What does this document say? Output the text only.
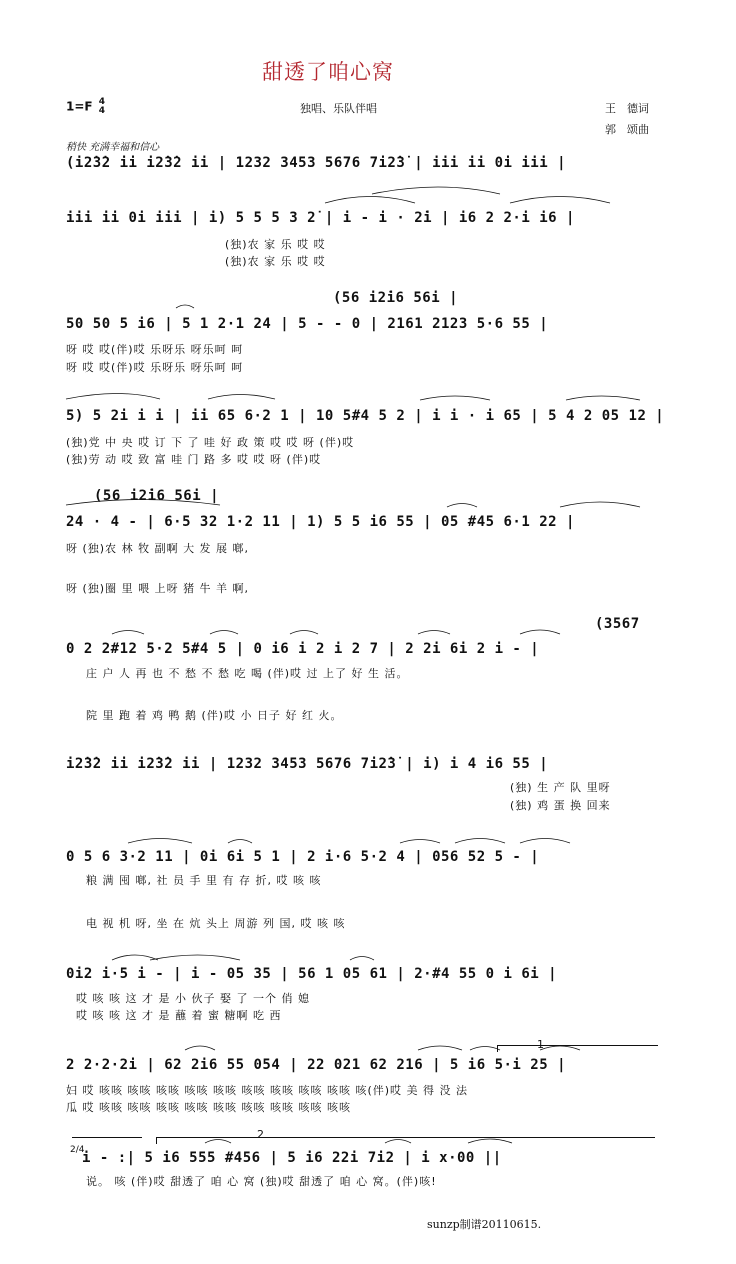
甜透了咱心窝
1=F 4
4	独唱、乐队伴唱	王　德词
郭　颂曲
稍快 充满幸福和信心
(i2̇3̇2 ii i2̇3̇2 ii | 1232 3453 5676 7i2̇3̇ | iii ii 0i iii |
iii ii 0i iii | i) 5 5 5 3 2̇ | i - i · 2̇i | i6 2 2·i i6 |
(独)农 家 乐 哎 哎
(独)农 家 乐 哎 哎
(56 i2̇i6 56i |
50 50 5 i6 | 5 1 2·1 24 | 5 - - 0 | 2161 2123 5·6 55 |
呀 哎 哎(伴)哎 乐呀乐 呀乐呵 呵
呀 哎 哎(伴)哎 乐呀乐 呀乐呵 呵
5) 5 2i i i | ii 65 6·2 1 | 10 5#4 5 2 | i i · i 65 | 5 4 2 05 12 |
(独)党 中 央 哎 订 下 了 哇 好 政 策 哎 哎 呀 (伴)哎
(独)劳 动 哎 致 富 哇 门 路 多 哎 哎 呀 (伴)哎
(56 i2̇i6 56i |
24 · 4 - | 6·5 32 1·2 11 | 1) 5 5 i6 55 | 05 #45 6·1 22 |
呀 (独)农 林 牧 副啊 大 发 展 啷,
呀 (独)圈 里 喂 上呀 猪 牛 羊 啊,
(3567
0 2 2#12 5·2 5#4 5 | 0 i6 i 2 i 2 7 | 2 2i 6i 2 i - |
庄 户 人 再 也 不 愁 不 愁 吃 喝 (伴)哎 过 上了 好 生 活。
院 里 跑 着 鸡 鸭 鹅 (伴)哎 小 日子 好 红 火。
i2̇3̇2 ii i2̇3̇2 ii | 1232 3453 5676 7i2̇3̇ | i) i 4 i6 55 |
(独) 生 产 队 里呀
(独) 鸡 蛋 换 回来
0 5 6 3·2 11 | 0i 6i 5 1 | 2 i·6 5·2 4 | 056 52 5 - |
粮 满 囤 啷, 社 员 手 里 有 存 折, 哎 咳 咳
电 视 机 呀, 坐 在 炕 头上 周游 列 国, 哎 咳 咳
0i2 i·5 i - | i - 05 35 | 56 1 05 61 | 2·#4 55 0 i 6i |
哎 咳 咳 这 才 是 小 伙子 娶 了 一个 俏 媳
哎 咳 咳 这 才 是 蘸 着 蜜 糖啊 吃 西
2 2·2·2i | 62 2i6 55 054 | 22 021 62 216 | 5 i6 5·i 25 |
妇 哎 咳咳 咳咳 咳咳 咳咳 咳咳 咳咳 咳咳 咳咳 咳咳 咳(伴)哎 美 得 没 法
瓜 哎 咳咳 咳咳 咳咳 咳咳 咳咳 咳咳 咳咳 咳咳 咳咳
1
i - :| 5 i6 555 #456 | 5 i6 22i 7i2 | i x·00 ||
2/4
说。 咳 (伴)哎 甜透了 咱 心 窝 (独)哎 甜透了 咱 心 窝。(伴)咳!
2
sunzp制谱20110615.
